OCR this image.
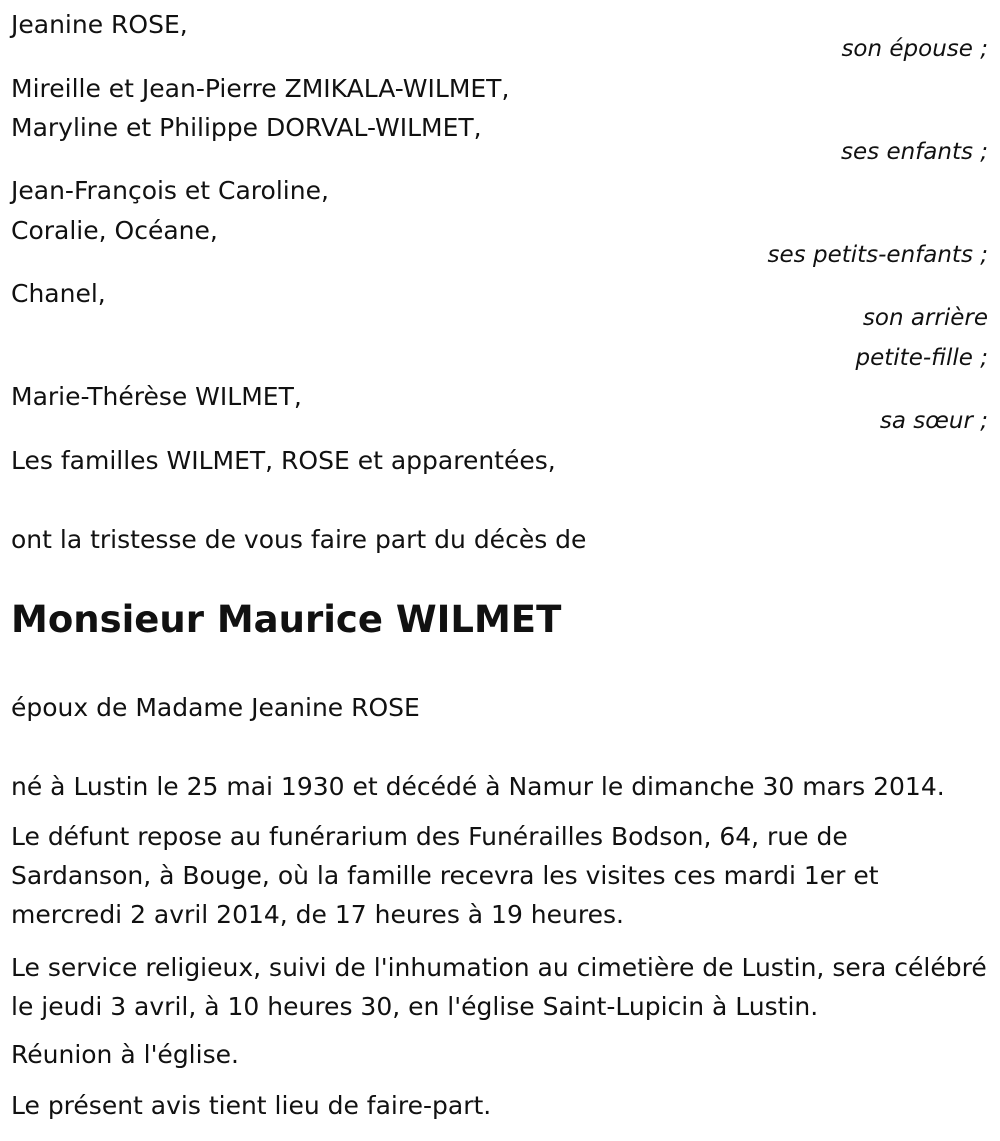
Jeanine ROSE,
son épouse ;
Mireille et Jean-Pierre ZMIKALA-WILMET,
Maryline et Philippe DORVAL-WILMET,
ses enfants ;
Jean-François et Caroline,
Coralie, Océane,
ses petits-enfants ;
Chanel,
son arrière
petite-fille ;
Marie-Thérèse WILMET,
sa sœur ;
Les familles WILMET, ROSE et apparentées,
ont la tristesse de vous faire part du décès de
Monsieur Maurice WILMET
époux de Madame Jeanine ROSE
né à Lustin le 25 mai 1930 et décédé à Namur le dimanche 30 mars 2014.
Le défunt repose au funérarium des Funérailles Bodson, 64, rue de Sardanson, à Bouge, où la famille recevra les visites ces mardi 1er et mercredi 2 avril 2014, de 17 heures à 19 heures.
Le service religieux, suivi de l'inhumation au cimetière de Lustin, sera célébré le jeudi 3 avril, à 10 heures 30, en l'église Saint-Lupicin à Lustin.
Réunion à l'église.
Le présent avis tient lieu de faire-part.
